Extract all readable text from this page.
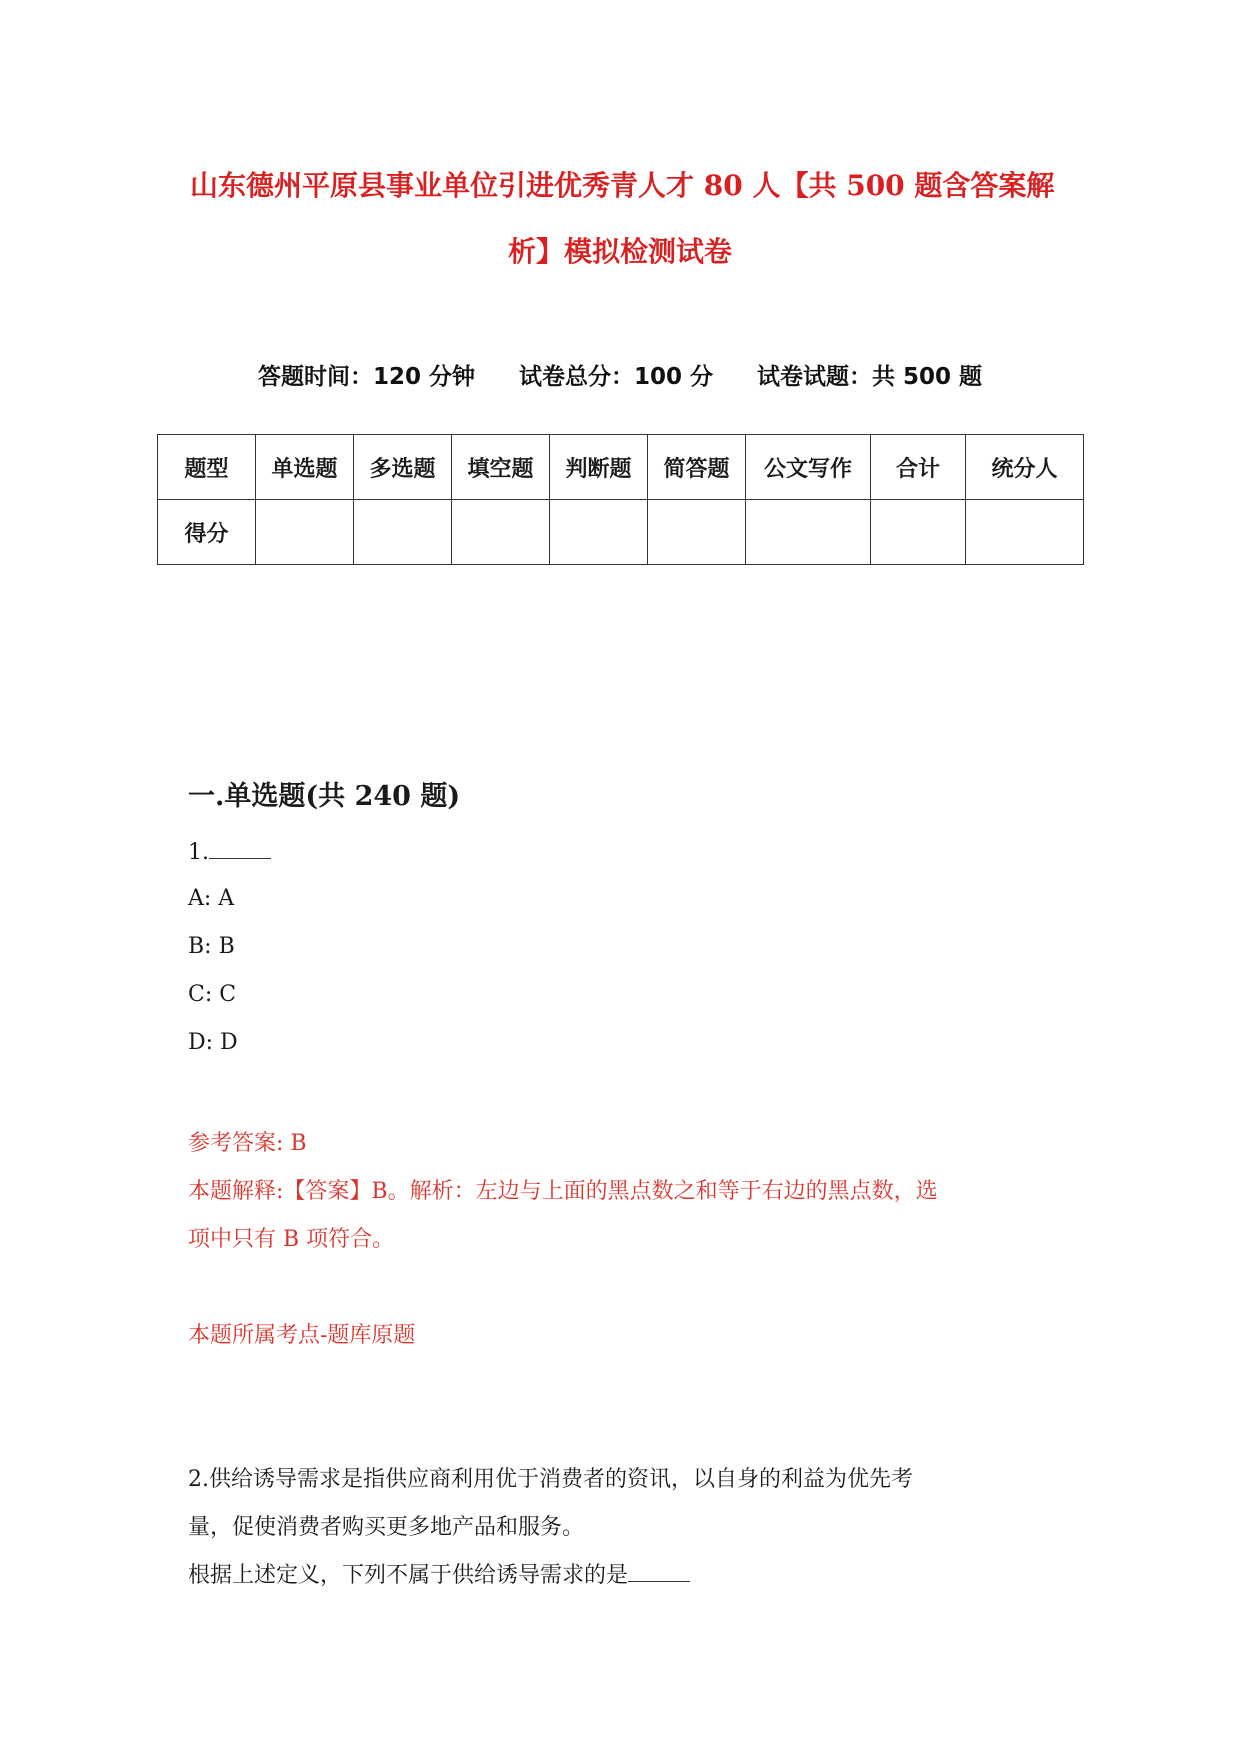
山东德州平原县事业单位引进优秀青人才 80 人【共 500 题含答案解
析】模拟检测试卷
答题时间：120 分钟 试卷总分：100 分 试卷试题：共 500 题
题型	单选题	多选题	填空题	判断题	简答题	公文写作	合计	统分人
得分								
一.单选题(共 240 题)

1.

A: A

B: B

C: C

D: D

参考答案: B

本题解释:【答案】B。解析：左边与上面的黑点数之和等于右边的黑点数，选

项中只有 B 项符合。

本题所属考点-题库原题

2.供给诱导需求是指供应商利用优于消费者的资讯，以自身的利益为优先考

量，促使消费者购买更多地产品和服务。

根据上述定义，下列不属于供给诱导需求的是
